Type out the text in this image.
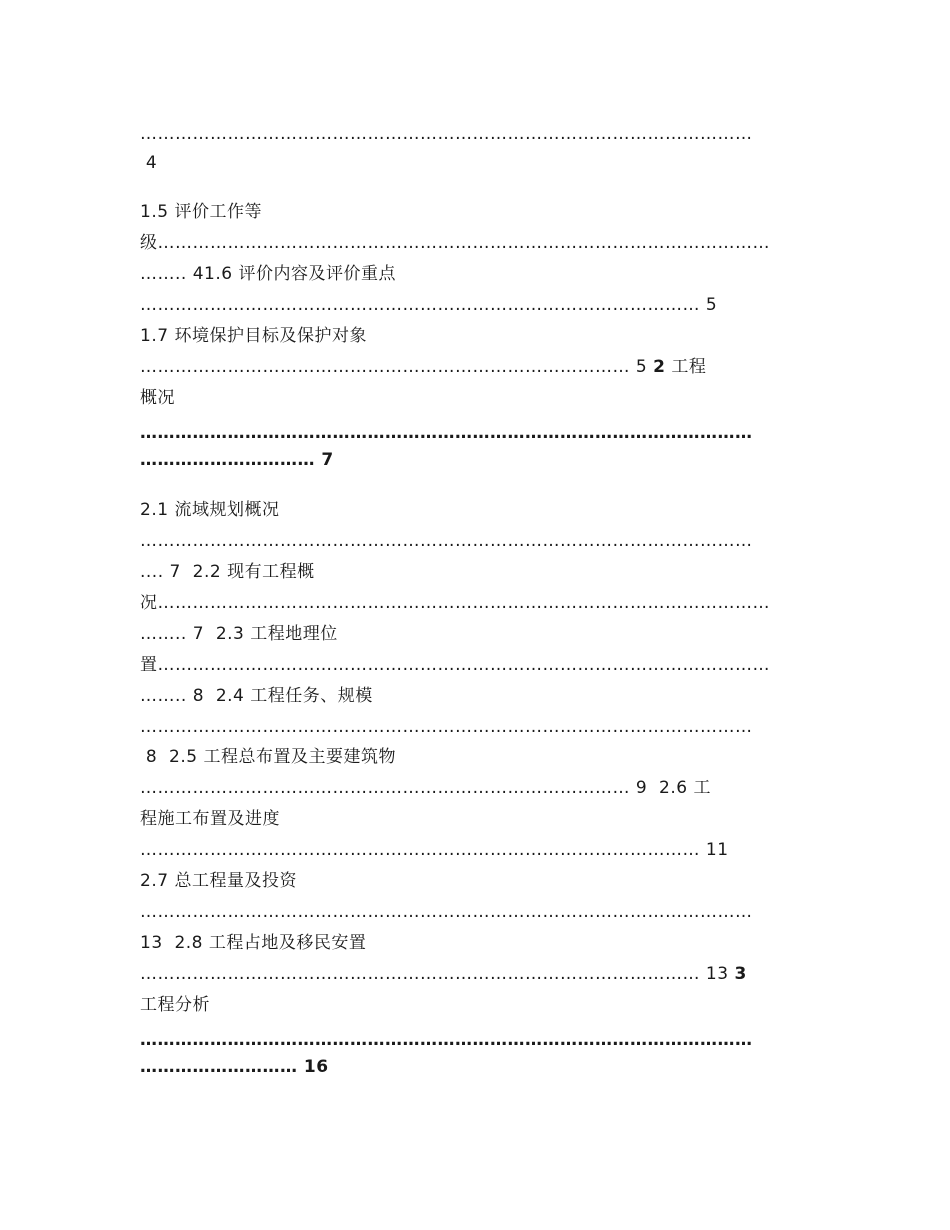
……………………………………………………………………………………………
4
1.5 评价工作等
级……………………………………………………………………………………………
…….. 41.6 评价内容及评价重点
…………………………………………………………………………………… 5
1.7 环境保护目标及保护对象
………………………………………………………………………… 5 2 工程
概况
……………………………………………………………………………………………
………………………… 7
2.1 流域规划概况
……………………………………………………………………………………………
.... 7  2.2 现有工程概
况……………………………………………………………………………………………
…….. 7  2.3 工程地理位
置……………………………………………………………………………………………
…….. 8  2.4 工程任务、规模
……………………………………………………………………………………………
8  2.5 工程总布置及主要建筑物
………………………………………………………………………… 9  2.6 工
程施工布置及进度
…………………………………………………………………………………… 11
2.7 总工程量及投资
……………………………………………………………………………………………
13  2.8 工程占地及移民安置
…………………………………………………………………………………… 13 3
工程分析
……………………………………………………………………………………………
……………………… 16
